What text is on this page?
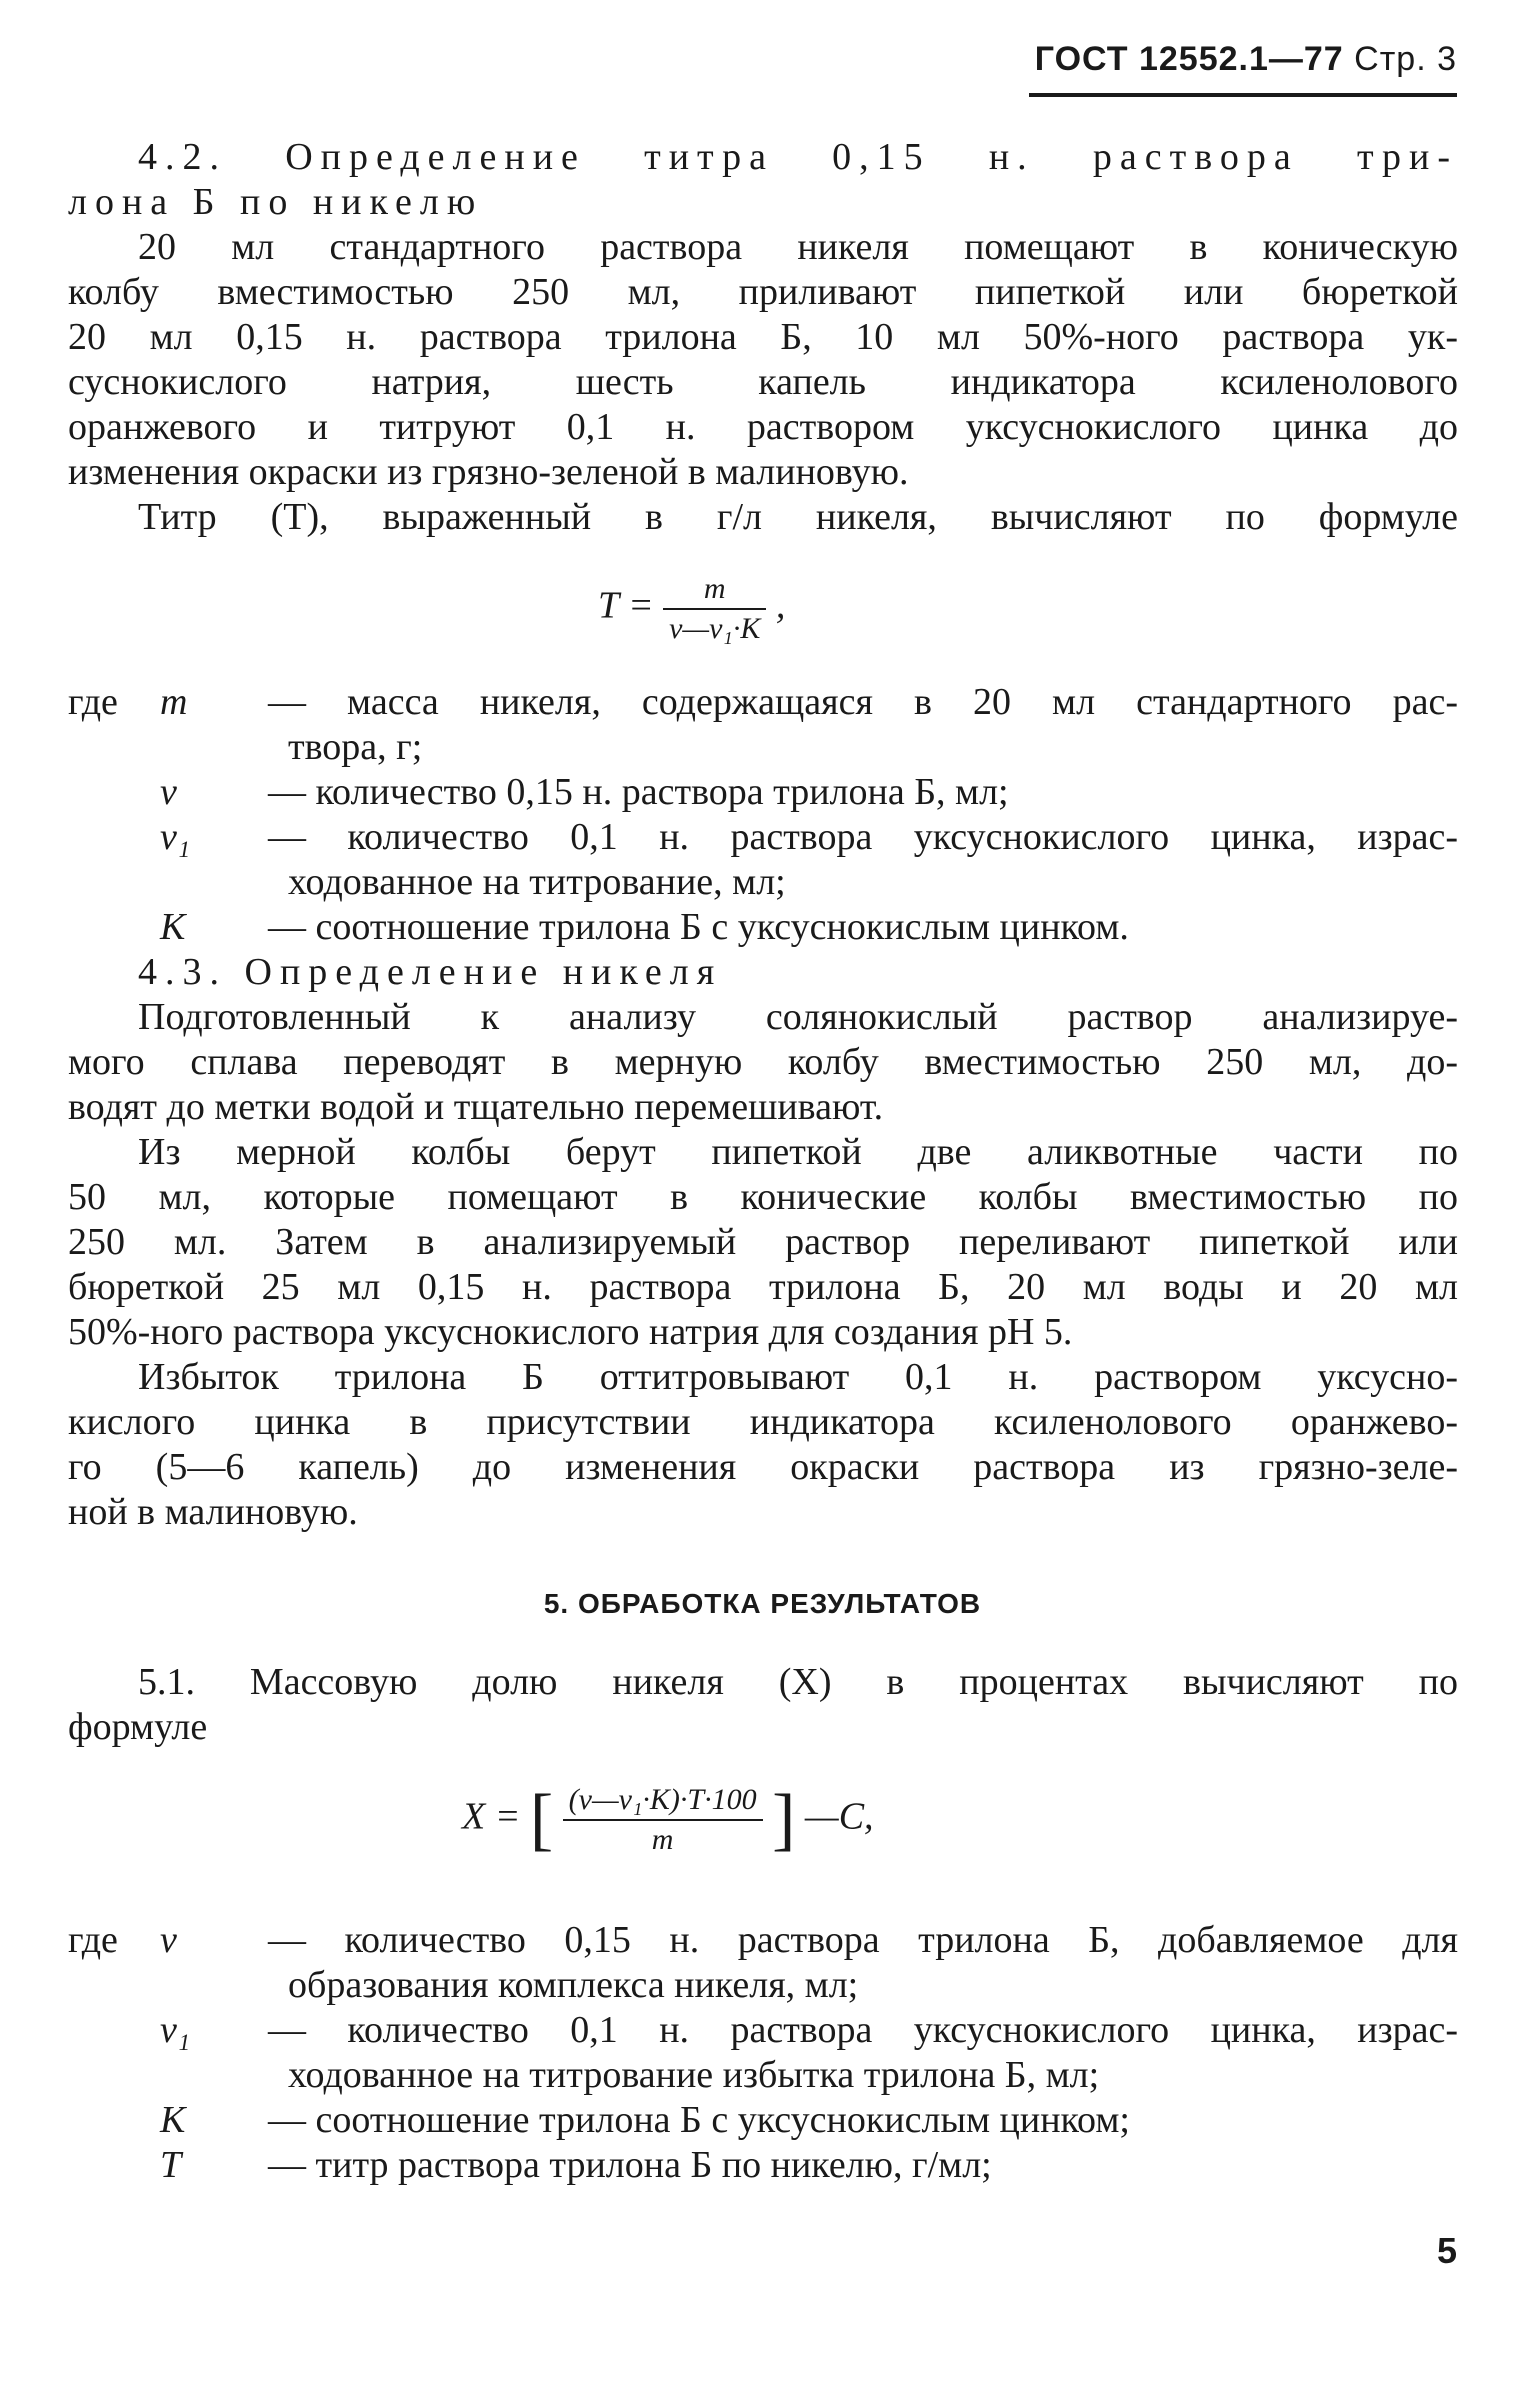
ГОСТ 12552.1—77 Стр. 3
4.2. Определение титра 0,15 н. раствора три-
лона Б по никелю
20 мл стандартного раствора никеля помещают в коническую
колбу вместимостью 250 мл, приливают пипеткой или бюреткой
20 мл 0,15 н. раствора трилона Б, 10 мл 50%-ного раствора ук-
суснокислого натрия, шесть капель индикатора ксиленолового
оранжевого и титруют 0,1 н. раствором уксуснокислого цинка до
изменения окраски из грязно-зеленой в малиновую.
Титр (T), выраженный в г/л никеля, вычисляют по формуле
$T = \frac{m}{\text{v—v₁·K}}$ ,
где m	— масса никеля, содержащаяся в 20 мл стандартного рас-
твора, г;
v	— количество 0,15 н. раствора трилона Б, мл;
v₁	— количество 0,1 н. раствора уксуснокислого цинка, израс-
ходованное на титрование, мл;
K	— соотношение трилона Б с уксуснокислым цинком.
4.3. Определение никеля
Подготовленный к анализу солянокислый раствор анализируе-
мого сплава переводят в мерную колбу вместимостью 250 мл, до-
водят до метки водой и тщательно перемешивают.
Из мерной колбы берут пипеткой две аликвотные части по
50 мл, которые помещают в конические колбы вместимостью по
250 мл. Затем в анализируемый раствор переливают пипеткой или
бюреткой 25 мл 0,15 н. раствора трилона Б, 20 мл воды и 20 мл
50%-ного раствора уксуснокислого натрия для создания рН 5.
Избыток трилона Б оттитровывают 0,1 н. раствором уксусно-
кислого цинка в присутствии индикатора ксиленолового оранжево-
го (5—6 капель) до изменения окраски раствора из грязно-зеле-
ной в малиновую.
5. ОБРАБОТКА РЕЗУЛЬТАТОВ
5.1. Массовую долю никеля (X) в процентах вычисляют по
формуле
X = [ $\frac{\text{(v—v₁·K)·T·100}}{m}$ ] —C,
где v	— количество 0,15 н. раствора трилона Б, добавляемое для
образования комплекса никеля, мл;
v₁	— количество 0,1 н. раствора уксуснокислого цинка, израс-
ходованное на титрование избытка трилона Б, мл;
K	— соотношение трилона Б с уксуснокислым цинком;
T	— титр раствора трилона Б по никелю, г/мл;
5
